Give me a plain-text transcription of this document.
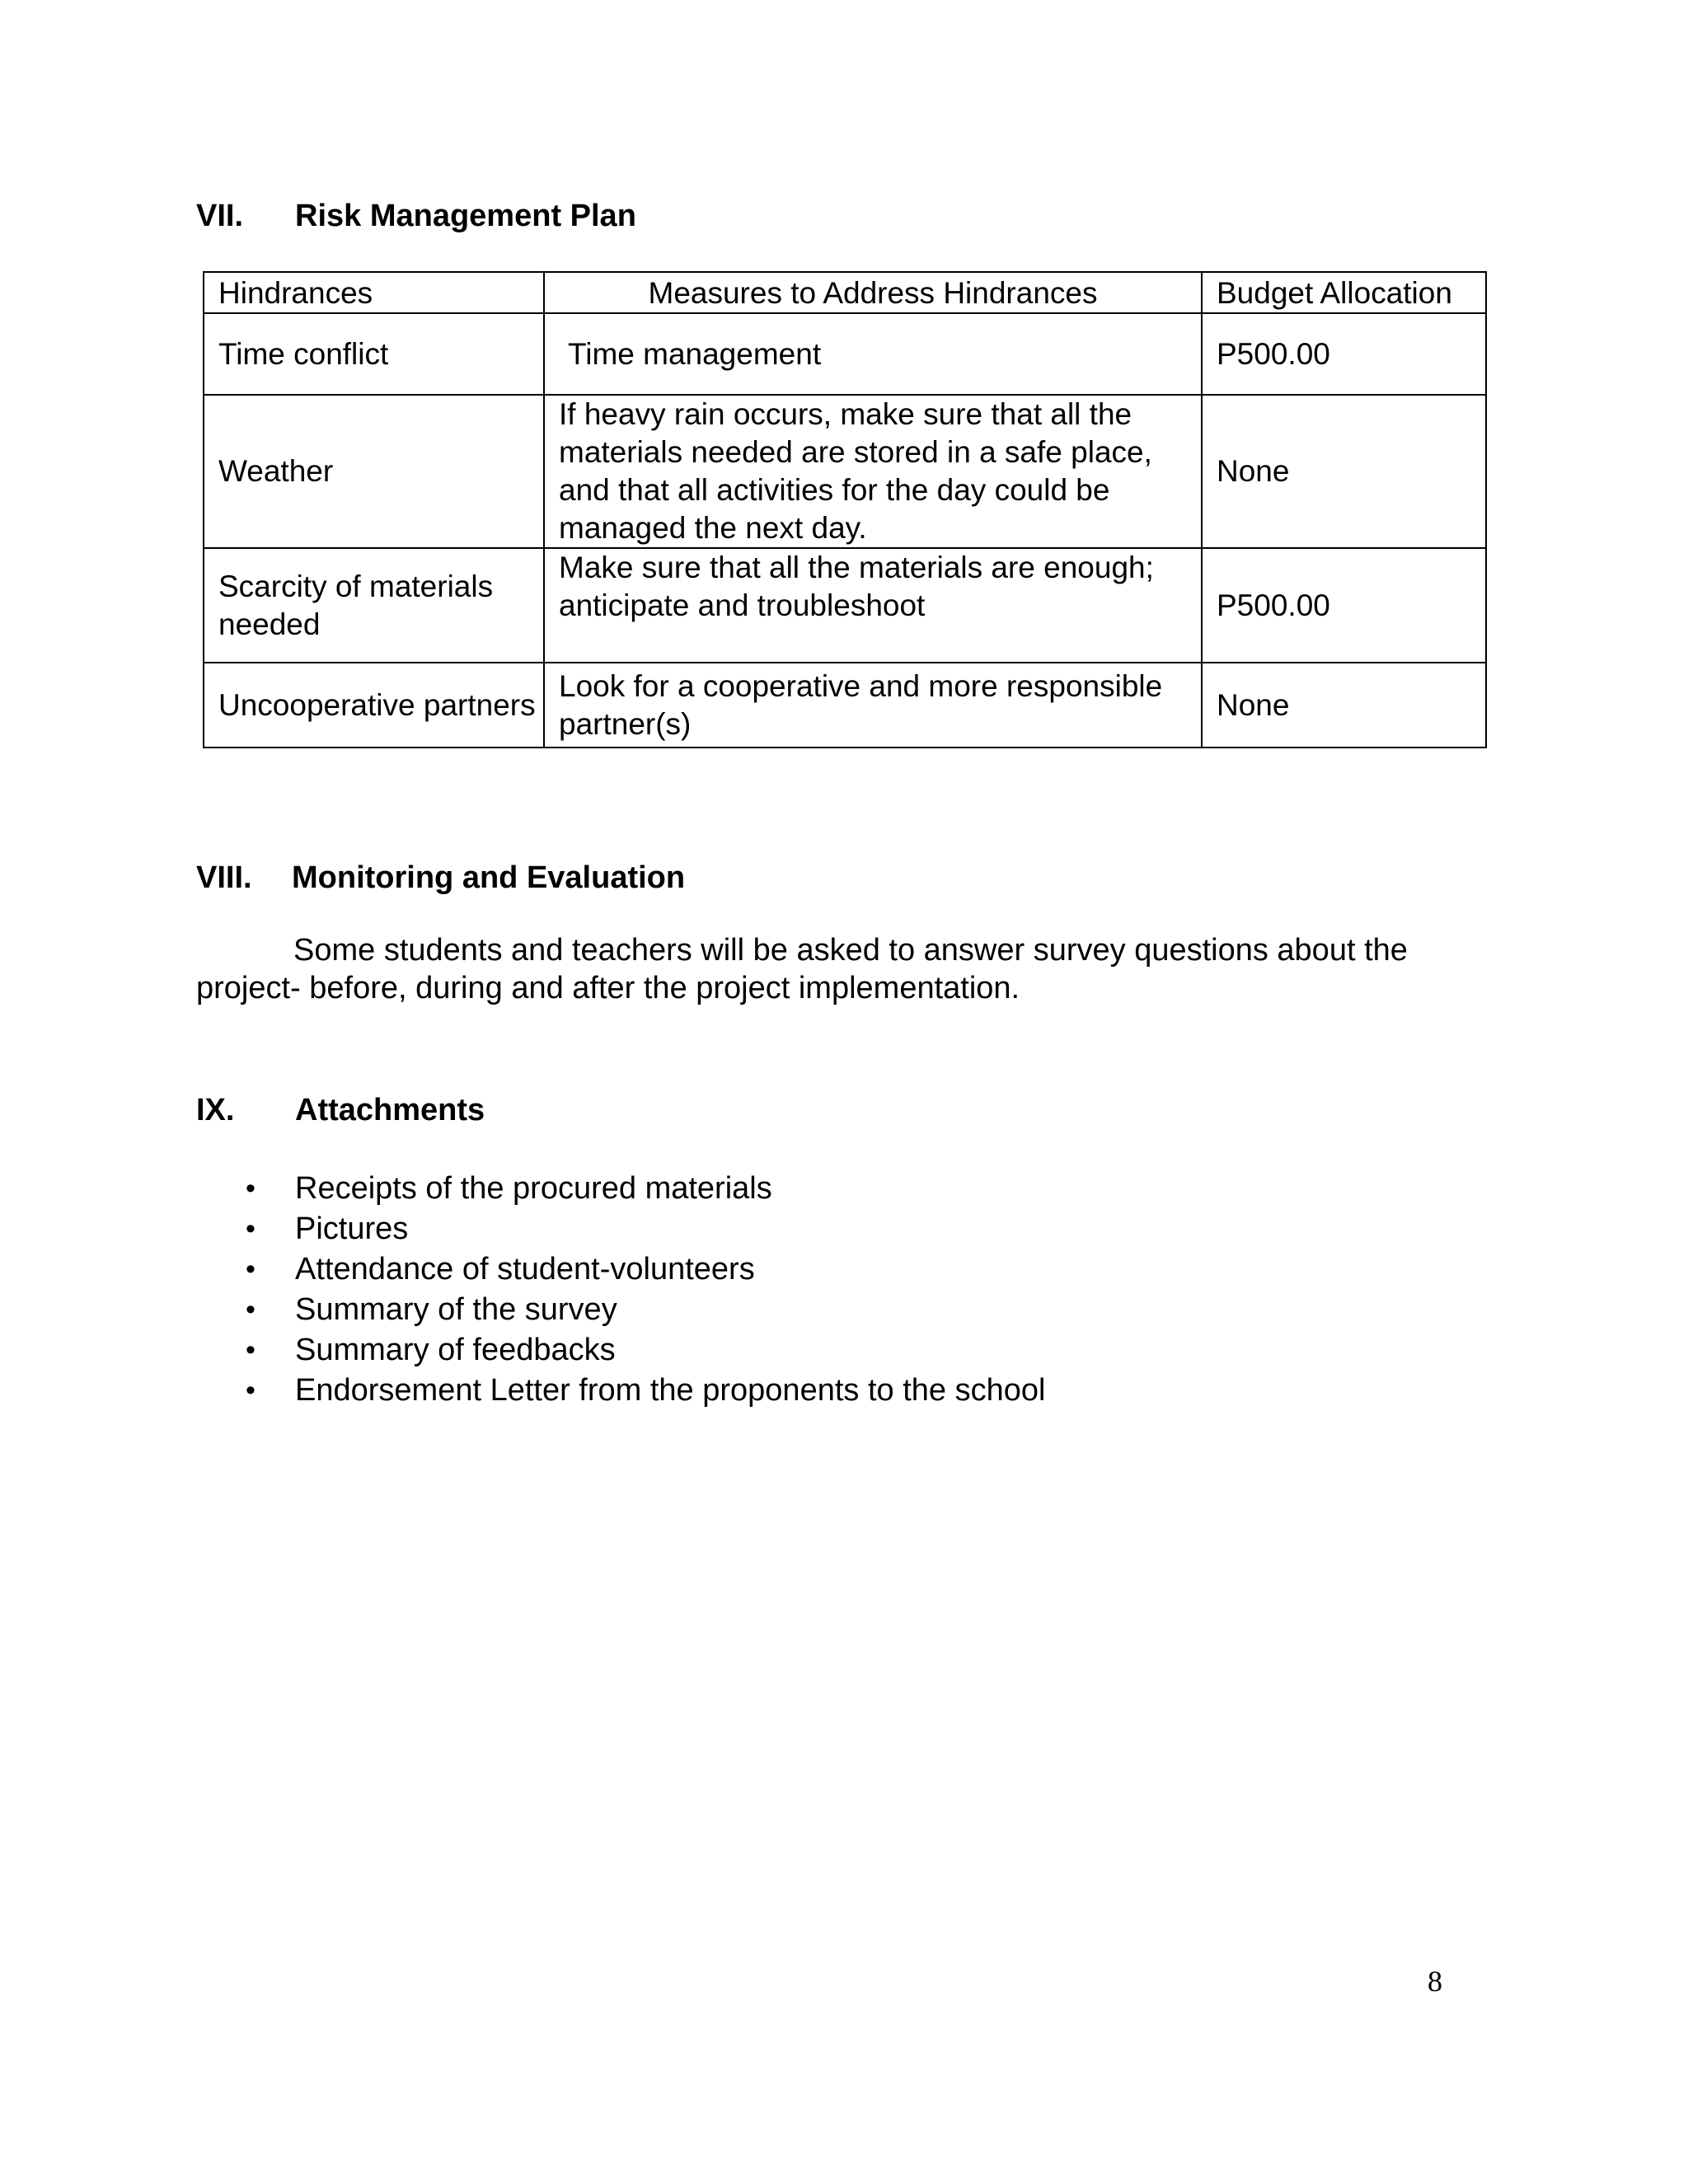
VII. Risk Management Plan
Hindrances	Measures to Address Hindrances	Budget Allocation
Time conflict	Time management	P500.00
Weather	If heavy rain occurs, make sure that all the materials needed are stored in a safe place, and that all activities for the day could be managed the next day.	None
Scarcity of materials needed	Make sure that all the materials are enough; anticipate and troubleshoot	P500.00
Uncooperative partners	Look for a cooperative and more responsible partner(s)	None
VIII. Monitoring and Evaluation

Some students and teachers will be asked to answer survey questions about the project- before, during and after the project implementation.

IX. Attachments
• Receipts of the procured materials
• Pictures
• Attendance of student-volunteers
• Summary of the survey
• Summary of feedbacks
• Endorsement Letter from the proponents to the school
8
